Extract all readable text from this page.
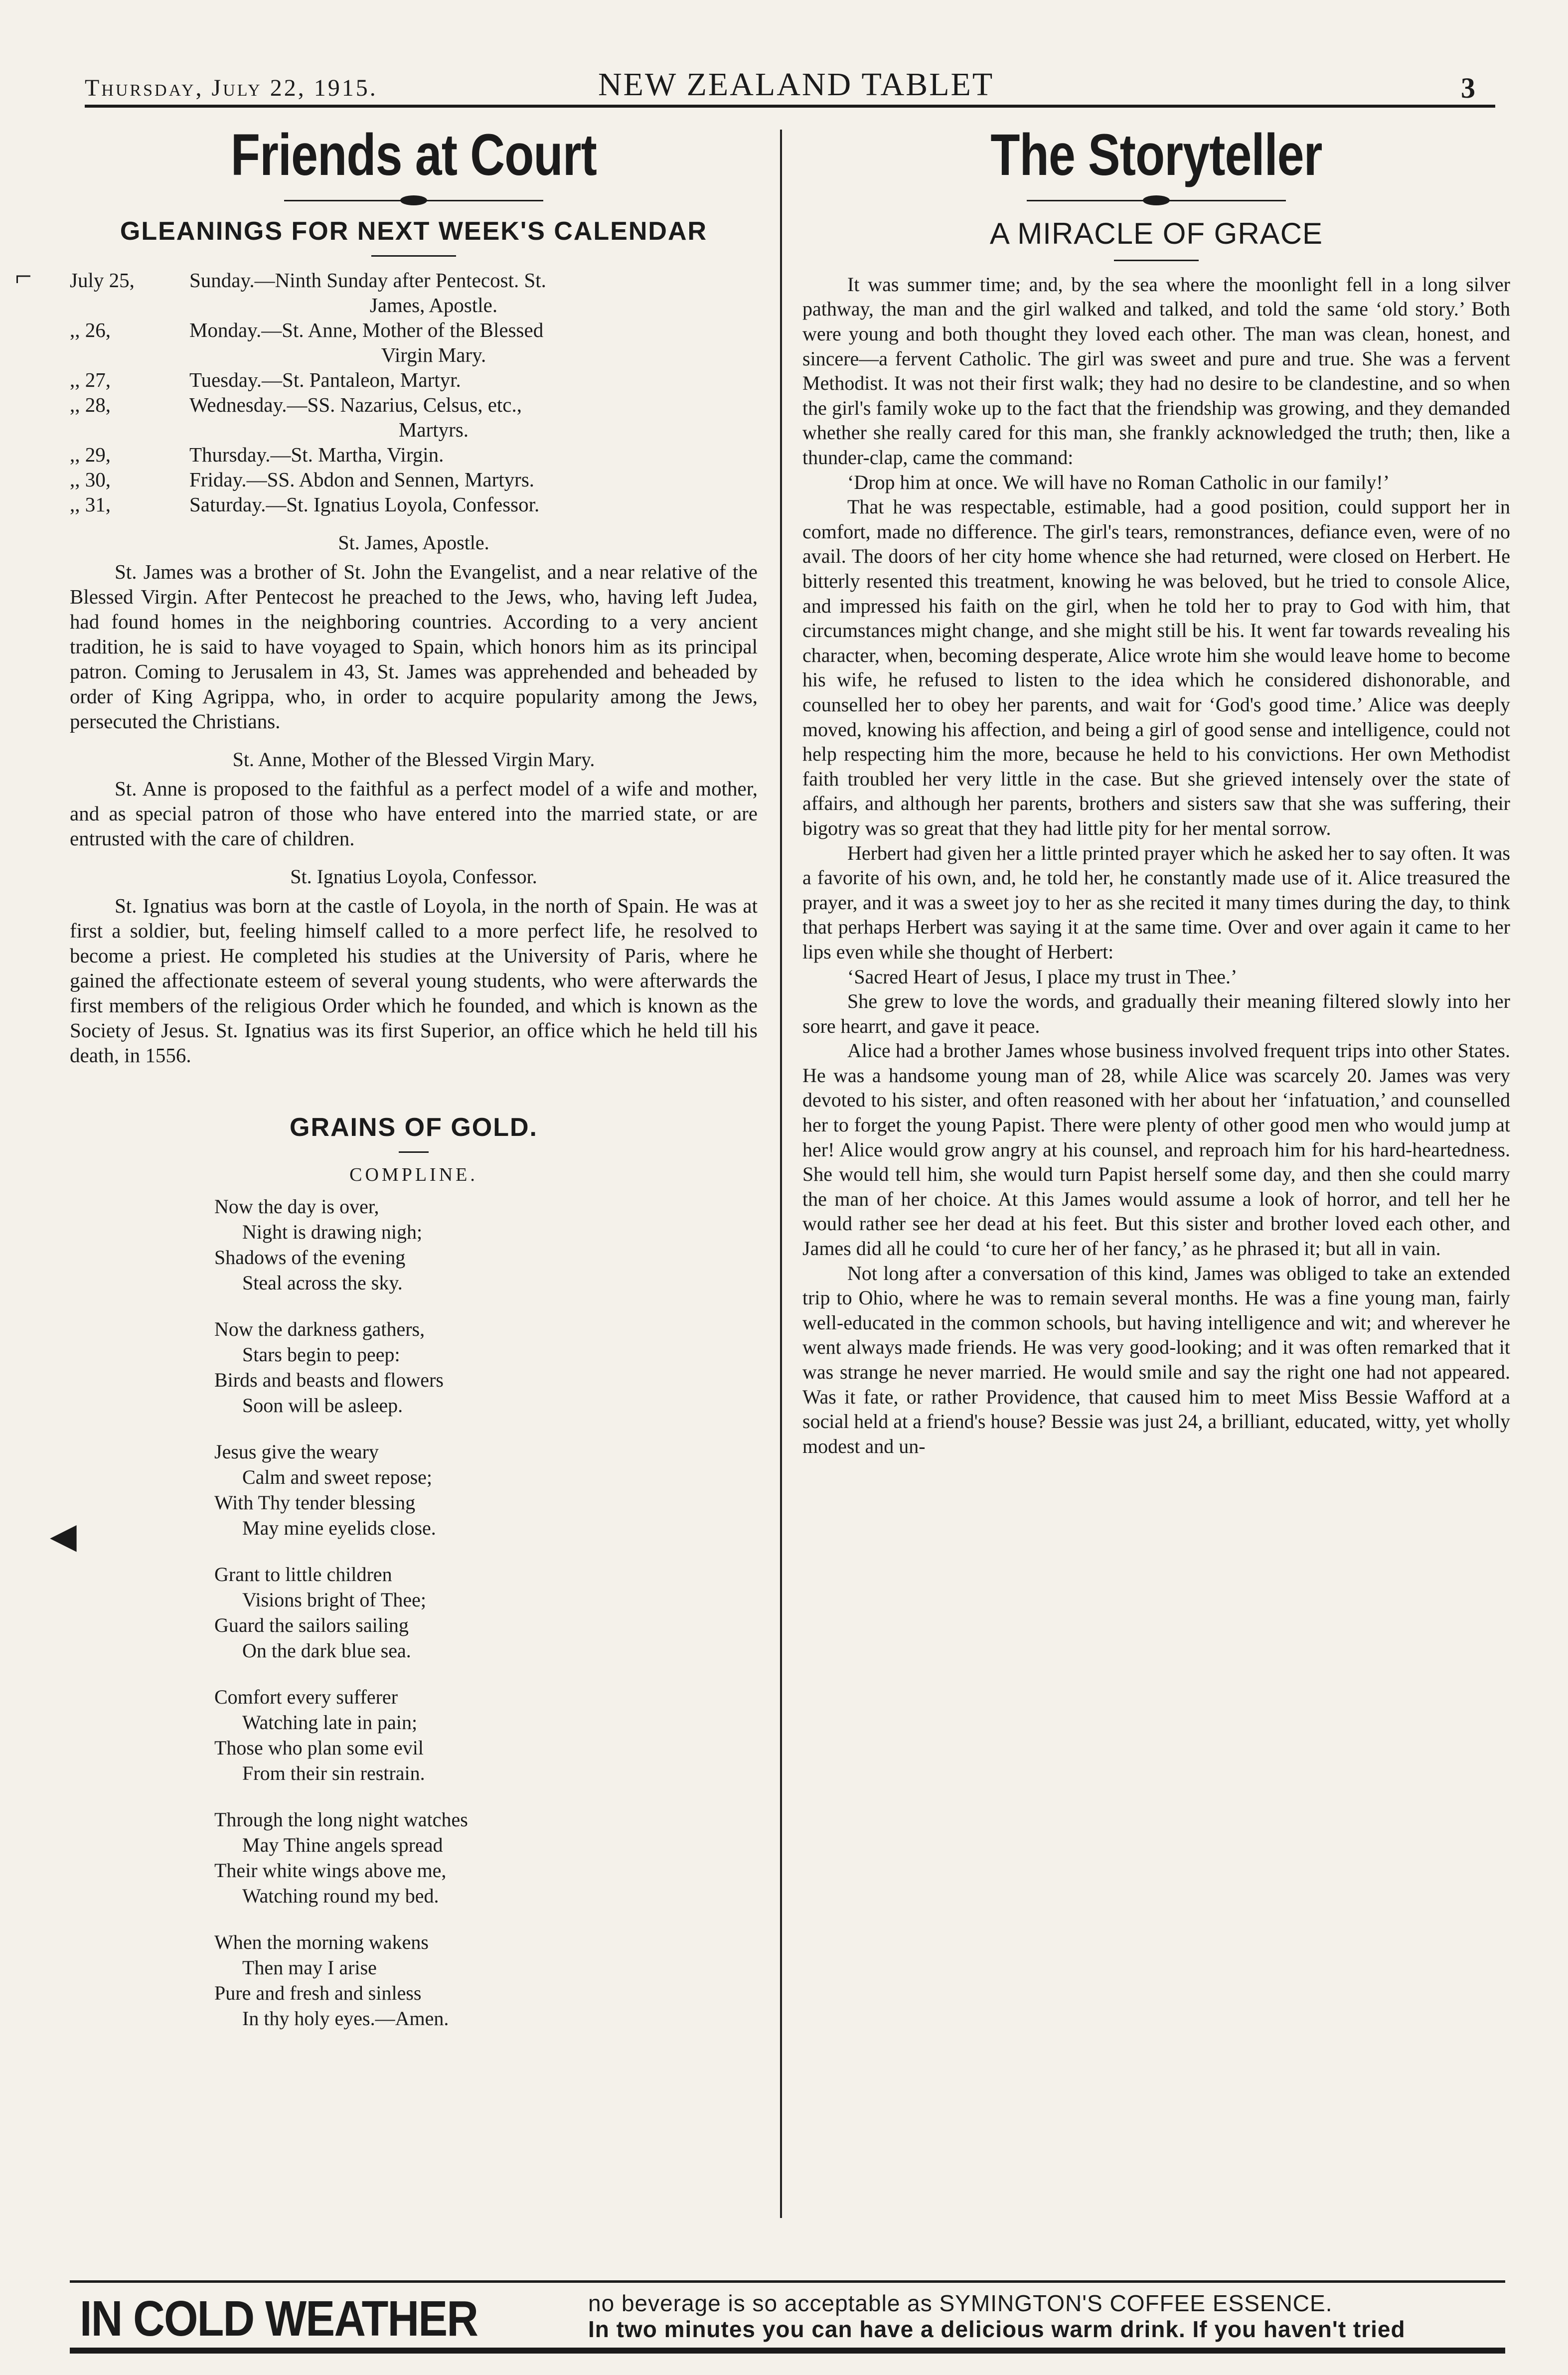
Thursday, July 22, 1915.	NEW ZEALAND TABLET	3
⌐
◀
Friends at Court
GLEANINGS FOR NEXT WEEK'S CALENDAR
July 25,	Sunday.—Ninth Sunday after Pentecost. St.
James, Apostle.
,, 26,	Monday.—St. Anne, Mother of the Blessed
Virgin Mary.
,, 27,	Tuesday.—St. Pantaleon, Martyr.
,, 28,	Wednesday.—SS. Nazarius, Celsus, etc.,
Martyrs.
,, 29,	Thursday.—St. Martha, Virgin.
,, 30,	Friday.—SS. Abdon and Sennen, Martyrs.
,, 31,	Saturday.—St. Ignatius Loyola, Confessor.
St. James, Apostle.

St. James was a brother of St. John the Evangelist, and a near relative of the Blessed Virgin. After Pentecost he preached to the Jews, who, having left Judea, had found homes in the neighboring countries. According to a very ancient tradition, he is said to have voyaged to Spain, which honors him as its principal patron. Coming to Jerusalem in 43, St. James was apprehended and beheaded by order of King Agrippa, who, in order to acquire popularity among the Jews, persecuted the Christians.

St. Anne, Mother of the Blessed Virgin Mary.

St. Anne is proposed to the faithful as a perfect model of a wife and mother, and as special patron of those who have entered into the married state, or are entrusted with the care of children.

St. Ignatius Loyola, Confessor.

St. Ignatius was born at the castle of Loyola, in the north of Spain. He was at first a soldier, but, feeling himself called to a more perfect life, he resolved to become a priest. He completed his studies at the University of Paris, where he gained the affectionate esteem of several young students, who were afterwards the first members of the religious Order which he founded, and which is known as the Society of Jesus. St. Ignatius was its first Superior, an office which he held till his death, in 1556.

GRAINS OF GOLD.
COMPLINE.
Now the day is over,
Night is drawing nigh;
Shadows of the evening
Steal across the sky.
Now the darkness gathers,
Stars begin to peep:
Birds and beasts and flowers
Soon will be asleep.
Jesus give the weary
Calm and sweet repose;
With Thy tender blessing
May mine eyelids close.
Grant to little children
Visions bright of Thee;
Guard the sailors sailing
On the dark blue sea.
Comfort every sufferer
Watching late in pain;
Those who plan some evil
From their sin restrain.
Through the long night watches
May Thine angels spread
Their white wings above me,
Watching round my bed.
When the morning wakens
Then may I arise
Pure and fresh and sinless
In thy holy eyes.—Amen.
The Storyteller
A MIRACLE OF GRACE

It was summer time; and, by the sea where the moonlight fell in a long silver pathway, the man and the girl walked and talked, and told the same ‘old story.’ Both were young and both thought they loved each other. The man was clean, honest, and sincere—a fervent Catholic. The girl was sweet and pure and true. She was a fervent Methodist. It was not their first walk; they had no desire to be clandestine, and so when the girl's family woke up to the fact that the friendship was growing, and they demanded whether she really cared for this man, she frankly acknowledged the truth; then, like a thunder-clap, came the command:

‘Drop him at once. We will have no Roman Catholic in our family!’

That he was respectable, estimable, had a good position, could support her in comfort, made no difference. The girl's tears, remonstrances, defiance even, were of no avail. The doors of her city home whence she had returned, were closed on Herbert. He bitterly resented this treatment, knowing he was beloved, but he tried to console Alice, and impressed his faith on the girl, when he told her to pray to God with him, that circumstances might change, and she might still be his. It went far towards revealing his character, when, becoming desperate, Alice wrote him she would leave home to become his wife, he refused to listen to the idea which he considered dishonorable, and counselled her to obey her parents, and wait for ‘God's good time.’ Alice was deeply moved, knowing his affection, and being a girl of good sense and intelligence, could not help respecting him the more, because he held to his convictions. Her own Methodist faith troubled her very little in the case. But she grieved intensely over the state of affairs, and although her parents, brothers and sisters saw that she was suffering, their bigotry was so great that they had little pity for her mental sorrow.

Herbert had given her a little printed prayer which he asked her to say often. It was a favorite of his own, and, he told her, he constantly made use of it. Alice treasured the prayer, and it was a sweet joy to her as she recited it many times during the day, to think that perhaps Herbert was saying it at the same time. Over and over again it came to her lips even while she thought of Herbert:

‘Sacred Heart of Jesus, I place my trust in Thee.’

She grew to love the words, and gradually their meaning filtered slowly into her sore hearrt, and gave it peace.

Alice had a brother James whose business involved frequent trips into other States. He was a handsome young man of 28, while Alice was scarcely 20. James was very devoted to his sister, and often reasoned with her about her ‘infatuation,’ and counselled her to forget the young Papist. There were plenty of other good men who would jump at her! Alice would grow angry at his counsel, and reproach him for his hard-heartedness. She would tell him, she would turn Papist herself some day, and then she could marry the man of her choice. At this James would assume a look of horror, and tell her he would rather see her dead at his feet. But this sister and brother loved each other, and James did all he could ‘to cure her of her fancy,’ as he phrased it; but all in vain.

Not long after a conversation of this kind, James was obliged to take an extended trip to Ohio, where he was to remain several months. He was a fine young man, fairly well-educated in the common schools, but having intelligence and wit; and wherever he went always made friends. He was very good-looking; and it was often remarked that it was strange he never married. He would smile and say the right one had not appeared. Was it fate, or rather Providence, that caused him to meet Miss Bessie Wafford at a social held at a friend's house? Bessie was just 24, a brilliant, educated, witty, yet wholly modest and un-

IN COLD WEATHER	no beverage is so acceptable as SYMINGTON'S COFFEE ESSENCE.
In two minutes you can have a delicious warm drink. If you haven't tried
